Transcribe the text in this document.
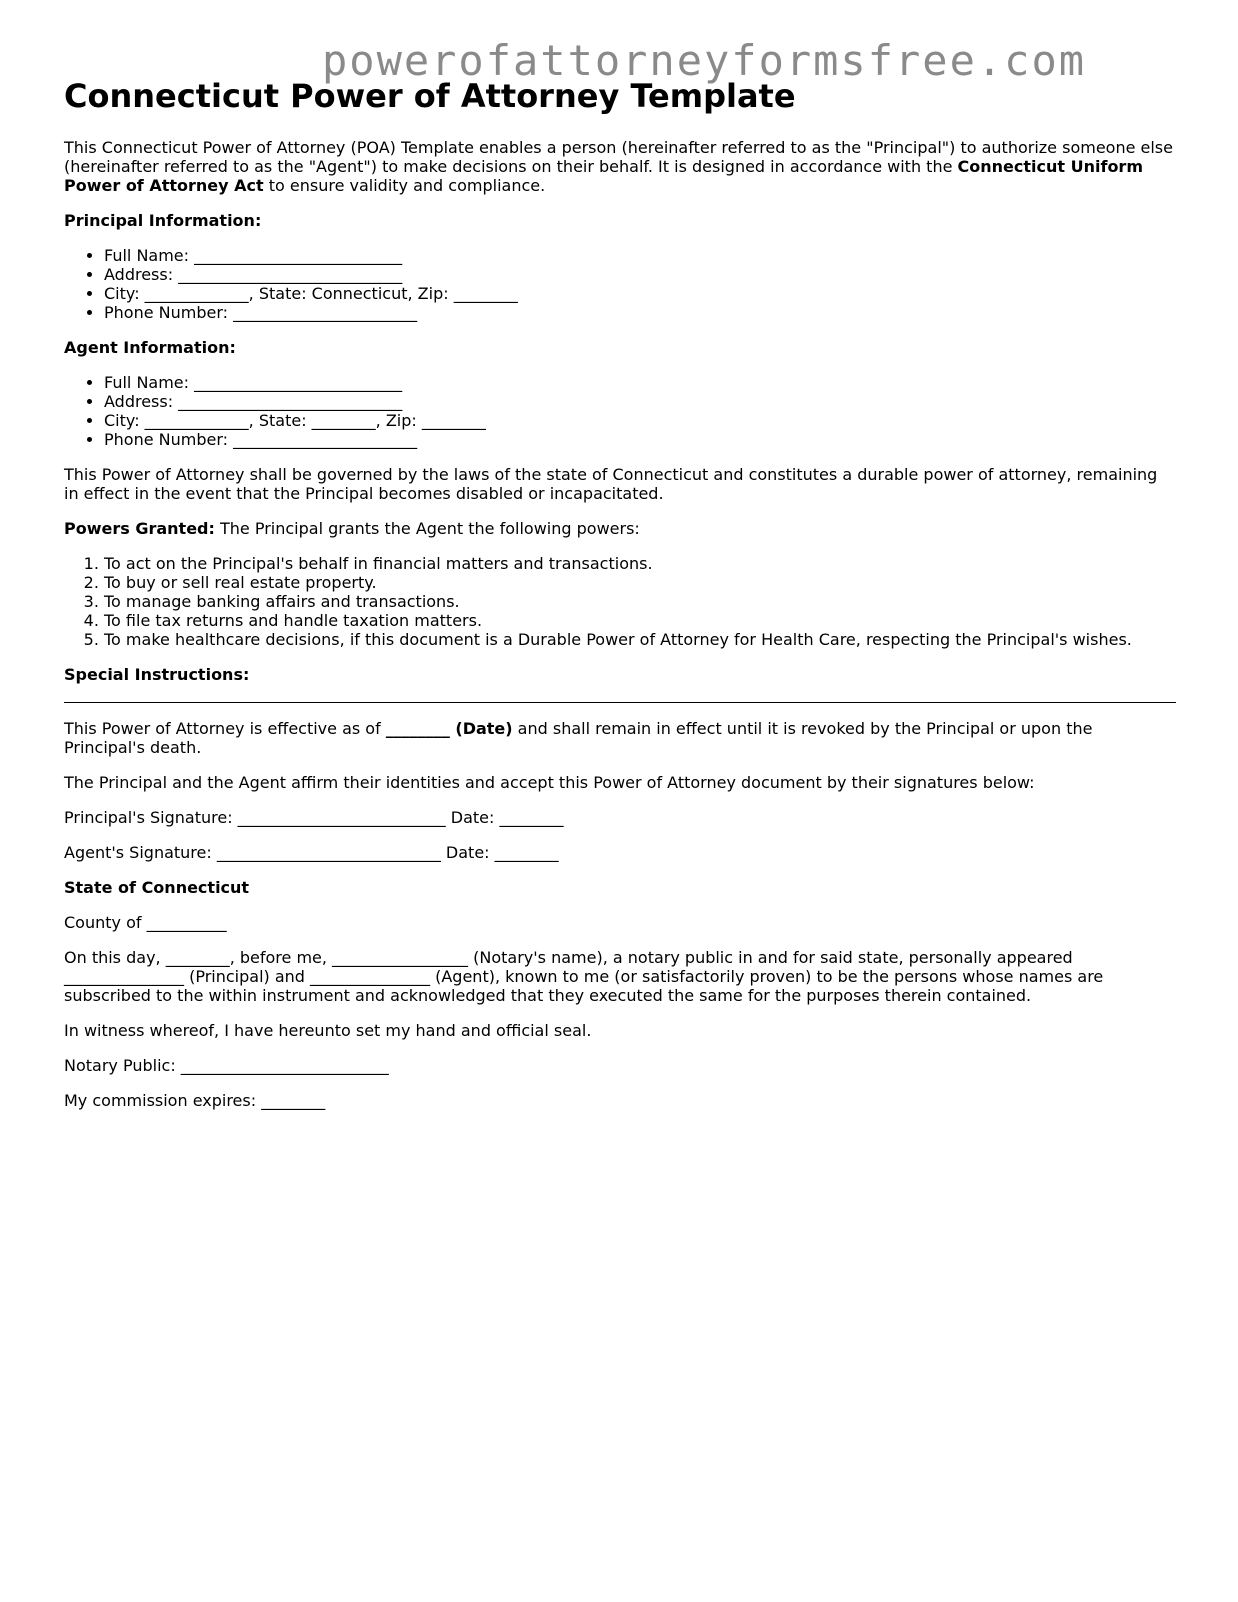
powerofattorneyformsfree.com
Connecticut Power of Attorney Template

This Connecticut Power of Attorney (POA) Template enables a person (hereinafter referred to as the "Principal") to authorize someone else (hereinafter referred to as the "Agent") to make decisions on their behalf. It is designed in accordance with the Connecticut Uniform Power of Attorney Act to ensure validity and compliance.

Principal Information:

• Full Name: __________________________
• Address: ____________________________
• City: _____________, State: Connecticut, Zip: ________
• Phone Number: _______________________

Agent Information:

• Full Name: __________________________
• Address: ____________________________
• City: _____________, State: ________, Zip: ________
• Phone Number: _______________________

This Power of Attorney shall be governed by the laws of the state of Connecticut and constitutes a durable power of attorney, remaining in effect in the event that the Principal becomes disabled or incapacitated.

Powers Granted: The Principal grants the Agent the following powers:

1. To act on the Principal's behalf in financial matters and transactions.
2. To buy or sell real estate property.
3. To manage banking affairs and transactions.
4. To file tax returns and handle taxation matters.
5. To make healthcare decisions, if this document is a Durable Power of Attorney for Health Care, respecting the Principal's wishes.

Special Instructions:

This Power of Attorney is effective as of ________ (Date) and shall remain in effect until it is revoked by the Principal or upon the Principal's death.

The Principal and the Agent affirm their identities and accept this Power of Attorney document by their signatures below:

Principal's Signature: __________________________ Date: ________

Agent's Signature: ____________________________ Date: ________

State of Connecticut

County of __________

On this day, ________, before me, _________________ (Notary's name), a notary public in and for said state, personally appeared _______________ (Principal) and _______________ (Agent), known to me (or satisfactorily proven) to be the persons whose names are subscribed to the within instrument and acknowledged that they executed the same for the purposes therein contained.

In witness whereof, I have hereunto set my hand and official seal.

Notary Public: __________________________

My commission expires: ________
